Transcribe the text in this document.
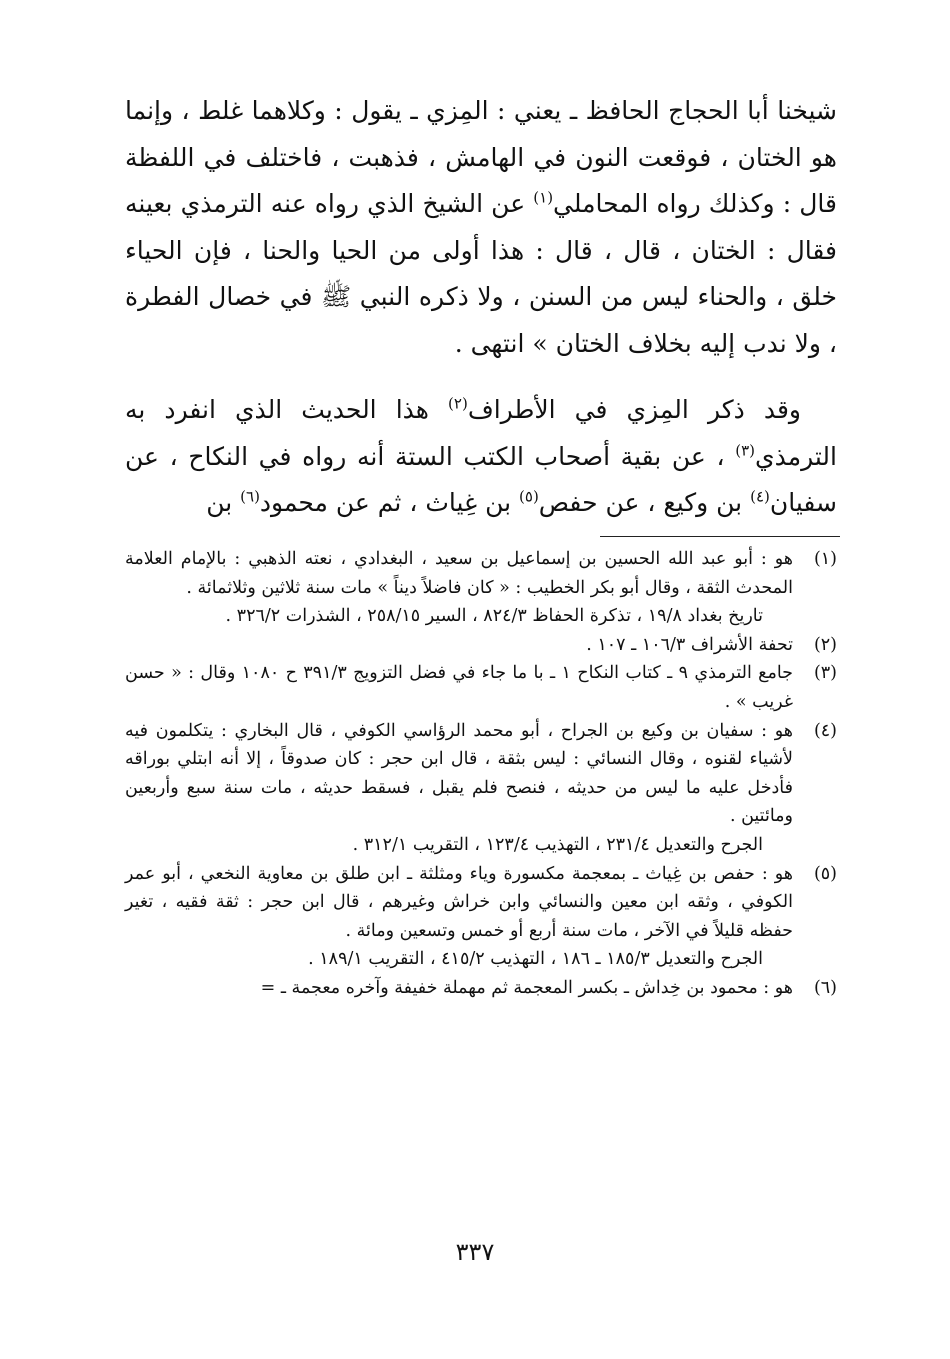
شيخنا أبا الحجاج الحافظ ـ يعني : المِزي ـ يقول : وكلاهما غلط ، وإنما هو الختان ، فوقعت النون في الهامش ، فذهبت ، فاختلف في اللفظة قال : وكذلك رواه المحاملي$^{(١)}$ عن الشيخ الذي رواه عنه الترمذي بعينه فقال : الختان ، قال ، قال : هذا أولى من الحيا والحنا ، فإن الحياء خلق ، والحناء ليس من السنن ، ولا ذكره النبي ﷺ في خصال الفطرة ، ولا ندب إليه بخلاف الختان » انتهى .

وقد ذكر المِزي في الأطراف$^{(٢)}$ هذا الحديث الذي انفرد به الترمذي$^{(٣)}$ ، عن بقية أصحاب الكتب الستة أنه رواه في النكاح ، عن سفيان$^{(٤)}$ بن وكيع ، عن حفص$^{(٥)}$ بن غِياث ، ثم عن محمود$^{(٦)}$ بن

(١)
هو : أبو عبد الله الحسين بن إسماعيل بن سعيد ، البغدادي ، نعته الذهبي : بالإمام العلامة المحدث الثقة ، وقال أبو بكر الخطيب : « كان فاضلاً ديناً » مات سنة ثلاثين وثلاثمائة .
تاريخ بغداد ١٩/٨ ، تذكرة الحفاظ ٨٢٤/٣ ، السير ٢٥٨/١٥ ، الشذرات ٣٢٦/٢ .
(٢)
تحفة الأشراف ١٠٦/٣ ـ ١٠٧ .
(٣)
جامع الترمذي ٩ ـ كتاب النكاح ١ ـ با ما جاء في فضل التزويج ٣٩١/٣ ح ١٠٨٠ وقال : « حسن غريب » .
(٤)
هو : سفيان بن وكيع بن الجراح ، أبو محمد الرؤاسي الكوفي ، قال البخاري : يتكلمون فيه لأشياء لقنوه ، وقال النسائي : ليس بثقة ، قال ابن حجر : كان صدوقاً ، إلا أنه ابتلي بوراقه فأدخل عليه ما ليس من حديثه ، فنصح فلم يقبل ، فسقط حديثه ، مات سنة سبع وأربعين ومائتين .
الجرح والتعديل ٢٣١/٤ ، التهذيب ١٢٣/٤ ، التقريب ٣١٢/١ .
(٥)
هو : حفص بن غِياث ـ بمعجمة مكسورة وياء ومثلثة ـ ابن طلق بن معاوية النخعي ، أبو عمر الكوفي ، وثقه ابن معين والنسائي وابن خراش وغيرهم ، قال ابن حجر : ثقة فقيه ، تغير حفظه قليلاً في الآخر ، مات سنة أربع أو خمس وتسعين ومائة .
الجرح والتعديل ١٨٥/٣ ـ ١٨٦ ، التهذيب ٤١٥/٢ ، التقريب ١٨٩/١ .
(٦)
هو : محمود بن خِداش ـ بكسر المعجمة ثم مهملة خفيفة وآخره معجمة ـ =
٣٣٧
